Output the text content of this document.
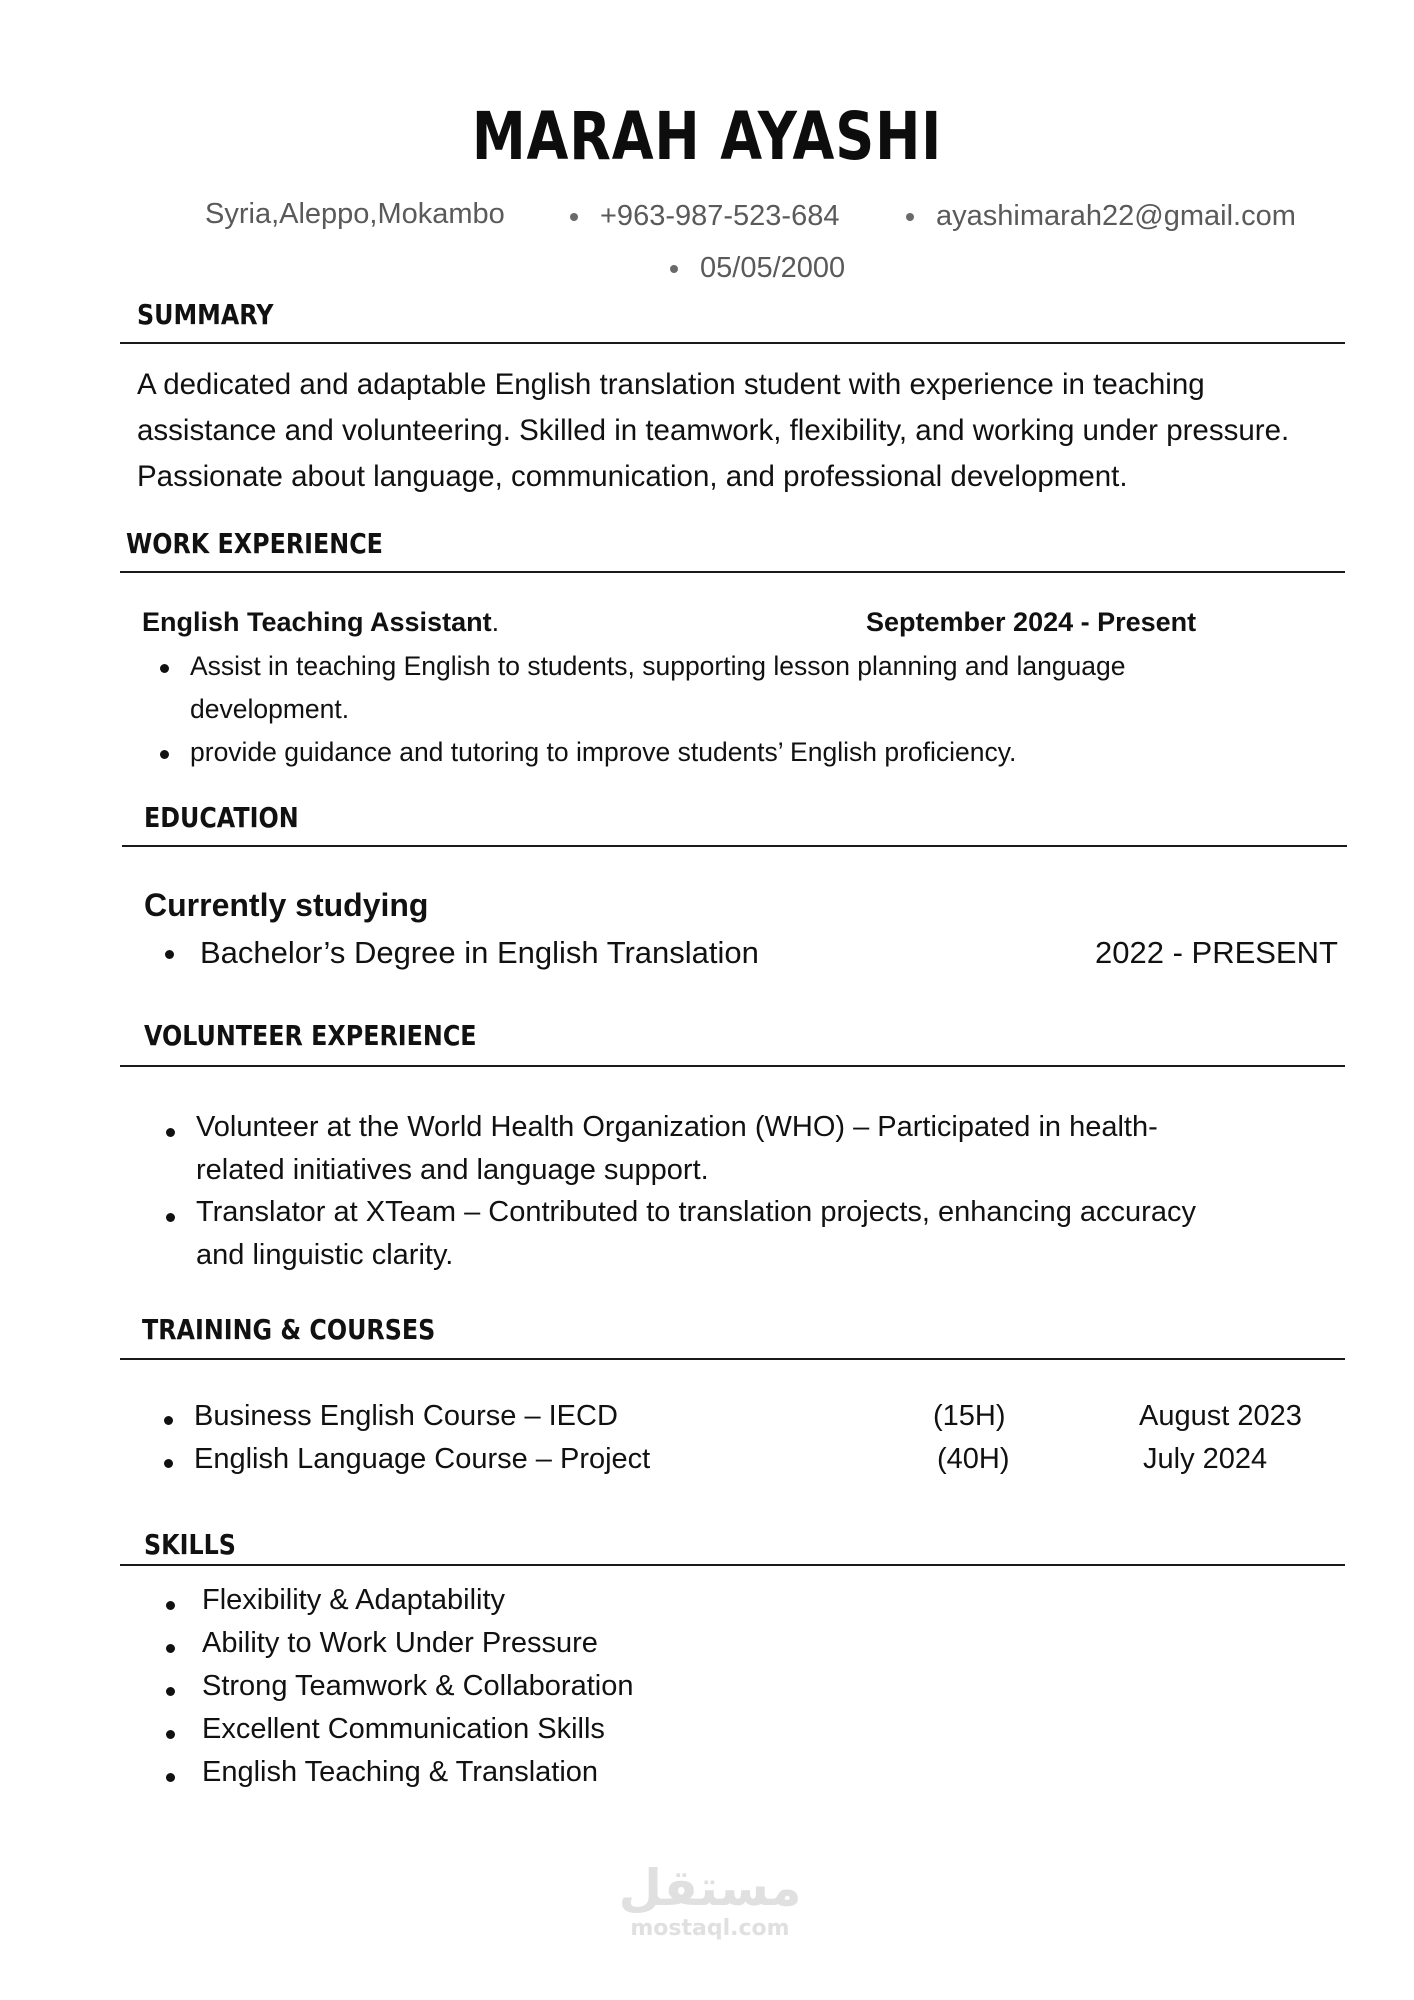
MARAH AYASHI
Syria,Aleppo,Mokambo	+963-987-523-684	ayashimarah22@gmail.com
05/05/2000
SUMMARY
A dedicated and adaptable English translation student with experience in teaching
assistance and volunteering. Skilled in teamwork, flexibility, and working under pressure.
Passionate about language, communication, and professional development.
WORK EXPERIENCE
English Teaching Assistant.	September 2024 - Present
Assist in teaching English to students, supporting lesson planning and language
development.
provide guidance and tutoring to improve students’ English proficiency.
EDUCATION
Currently studying
Bachelor’s Degree in English Translation	2022 - PRESENT
VOLUNTEER EXPERIENCE
Volunteer at the World Health Organization (WHO) – Participated in health-
related initiatives and language support.
Translator at XTeam – Contributed to translation projects, enhancing accuracy
and linguistic clarity.
TRAINING & COURSES
Business English Course – IECD	(15H)	August 2023
English Language Course – Project	(40H)	July 2024
SKILLS
Flexibility & Adaptability
Ability to Work Under Pressure
Strong Teamwork & Collaboration
Excellent Communication Skills
English Teaching & Translation
مستقل
mostaql.com
